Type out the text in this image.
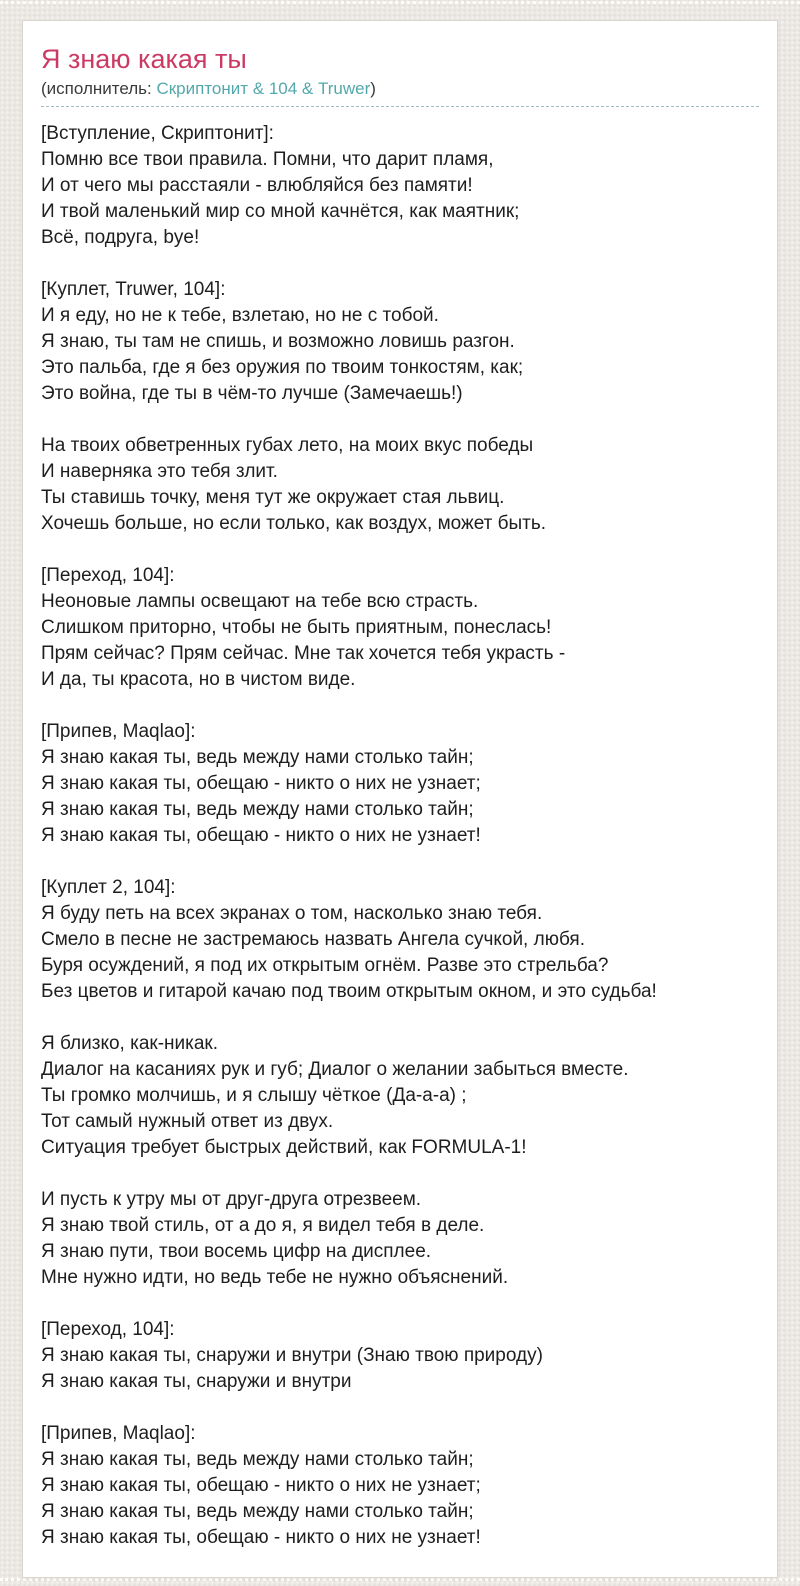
Я знаю какая ты
(исполнитель: Скриптонит & 104 & Truwer)
[Вступление, Скриптонит]:
Помню все твои правила. Помни, что дарит пламя,
И от чего мы расстаяли - влюбляйся без памяти!
И твой маленький мир со мной качнётся, как маятник;
Всё, подруга, bye!
[Куплет, Truwer, 104]:
И я еду, но не к тебе, взлетаю, но не с тобой.
Я знаю, ты там не спишь, и возможно ловишь разгон.
Это пальба, где я без оружия по твоим тонкостям, как;
Это война, где ты в чём-то лучше (Замечаешь!)
На твоих обветренных губах лето, на моих вкус победы
И наверняка это тебя злит.
Ты ставишь точку, меня тут же окружает стая львиц.
Хочешь больше, но если только, как воздух, может быть.
[Переход, 104]:
Неоновые лампы освещают на тебе всю страсть.
Слишком приторно, чтобы не быть приятным, понеслась!
Прям сейчас? Прям сейчас. Мне так хочется тебя украсть -
И да, ты красота, но в чистом виде.
[Припев, Maqlao]:
Я знаю какая ты, ведь между нами столько тайн;
Я знаю какая ты, обещаю - никто о них не узнает;
Я знаю какая ты, ведь между нами столько тайн;
Я знаю какая ты, обещаю - никто о них не узнает!
[Куплет 2, 104]:
Я буду петь на всех экранах о том, насколько знаю тебя.
Смело в песне не застремаюсь назвать Ангела сучкой, любя.
Буря осуждений, я под их открытым огнём. Разве это стрельба?
Без цветов и гитарой качаю под твоим открытым окном, и это судьба!
Я близко, как-никак.
Диалог на касаниях рук и губ; Диалог о желании забыться вместе.
Ты громко молчишь, и я слышу чёткое (Да-а-а) ;
Тот самый нужный ответ из двух.
Ситуация требует быстрых действий, как FORMULA-1!
И пусть к утру мы от друг-друга отрезвеем.
Я знаю твой стиль, от а до я, я видел тебя в деле.
Я знаю пути, твои восемь цифр на дисплее.
Мне нужно идти, но ведь тебе не нужно объяснений.
[Переход, 104]:
Я знаю какая ты, снаружи и внутри (Знаю твою природу)
Я знаю какая ты, снаружи и внутри
[Припев, Maqlao]:
Я знаю какая ты, ведь между нами столько тайн;
Я знаю какая ты, обещаю - никто о них не узнает;
Я знаю какая ты, ведь между нами столько тайн;
Я знаю какая ты, обещаю - никто о них не узнает!
